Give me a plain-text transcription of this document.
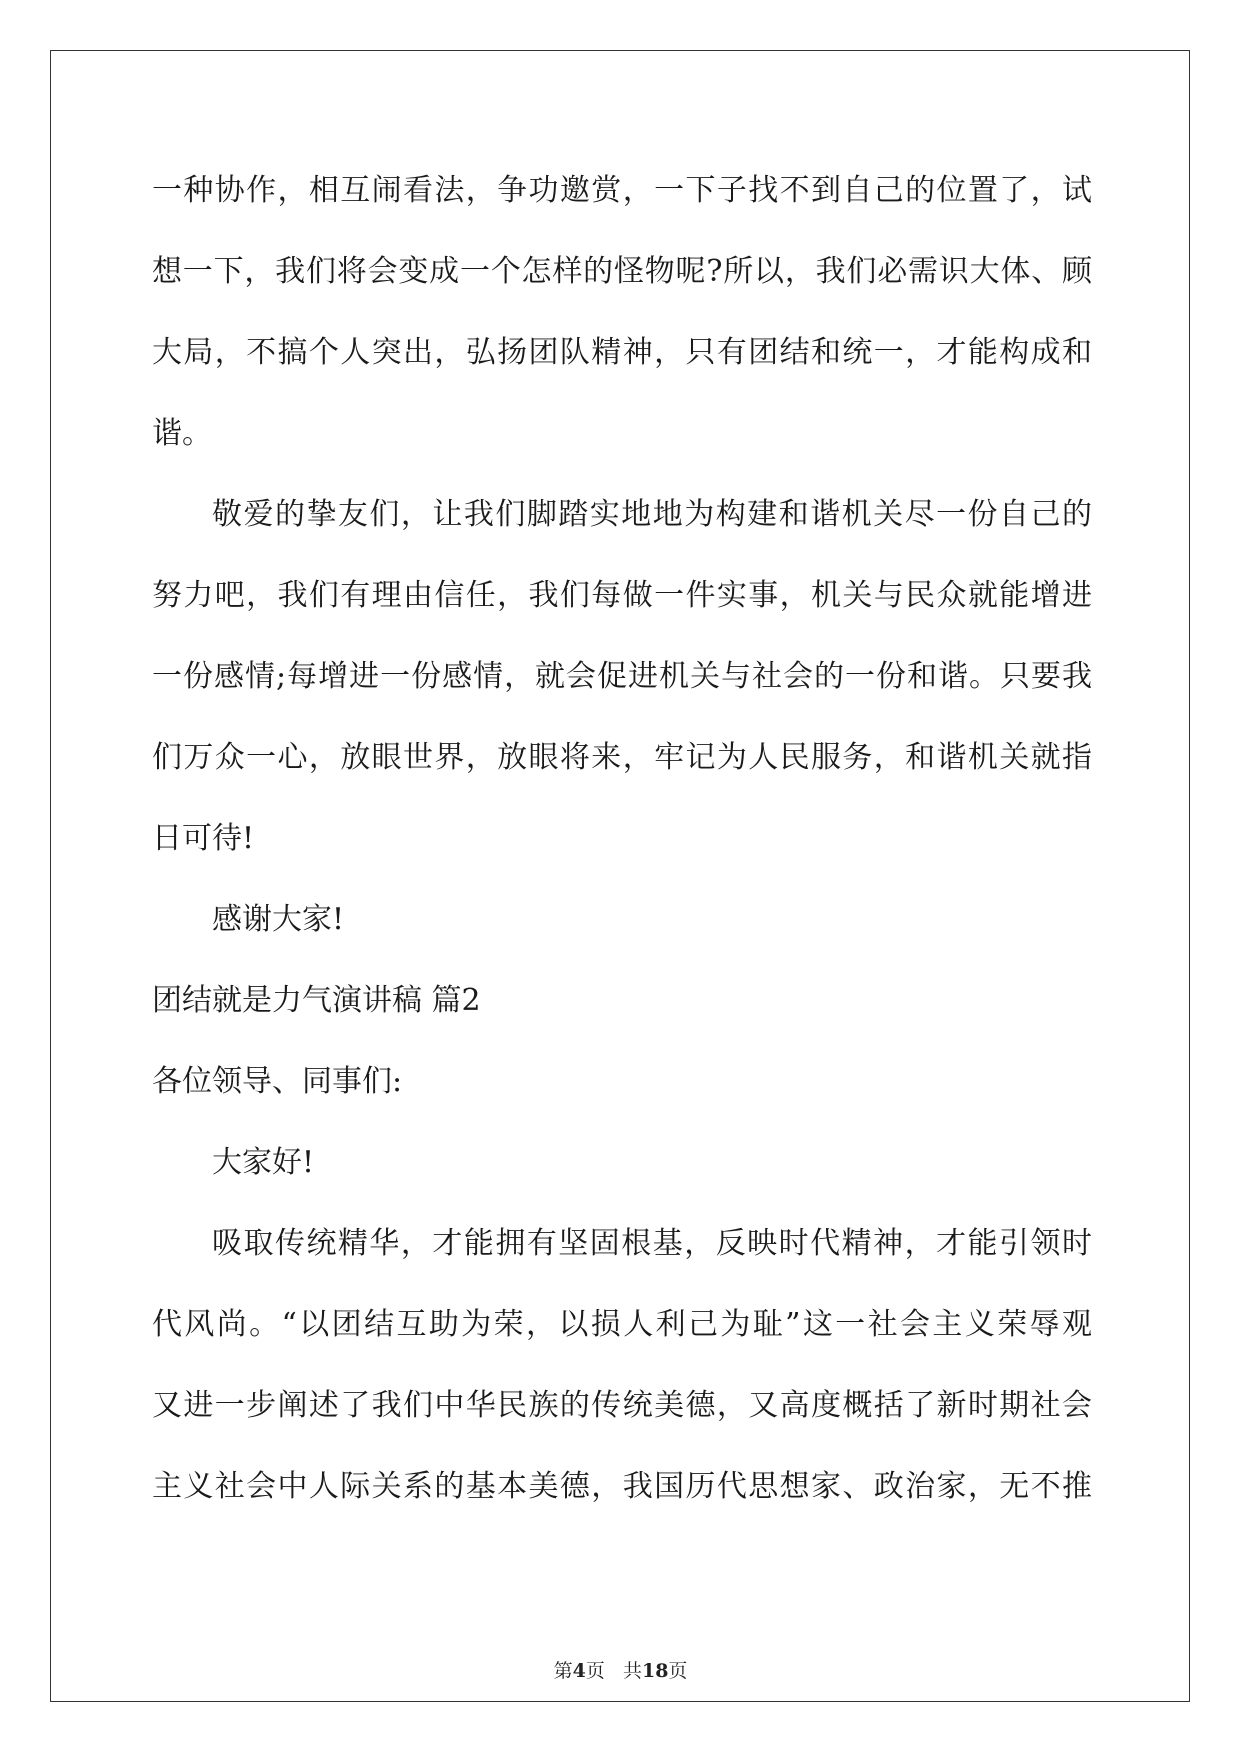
一种协作，相互闹看法，争功邀赏，一下子找不到自己的位置了，试
想一下，我们将会变成一个怎样的怪物呢?所以，我们必需识大体、顾
大局，不搞个人突出，弘扬团队精神，只有团结和统一，才能构成和
谐。
敬爱的挚友们，让我们脚踏实地地为构建和谐机关尽一份自己的
努力吧，我们有理由信任，我们每做一件实事，机关与民众就能增进
一份感情;每增进一份感情，就会促进机关与社会的一份和谐。只要我
们万众一心，放眼世界，放眼将来，牢记为人民服务，和谐机关就指
日可待!
感谢大家!
团结就是力气演讲稿 篇2
各位领导、同事们:
大家好!
吸取传统精华，才能拥有坚固根基，反映时代精神，才能引领时
代风尚。“以团结互助为荣，以损人利己为耻”这一社会主义荣辱观
又进一步阐述了我们中华民族的传统美德，又高度概括了新时期社会
主义社会中人际关系的基本美德，我国历代思想家、政治家，无不推
第4页 共18页
